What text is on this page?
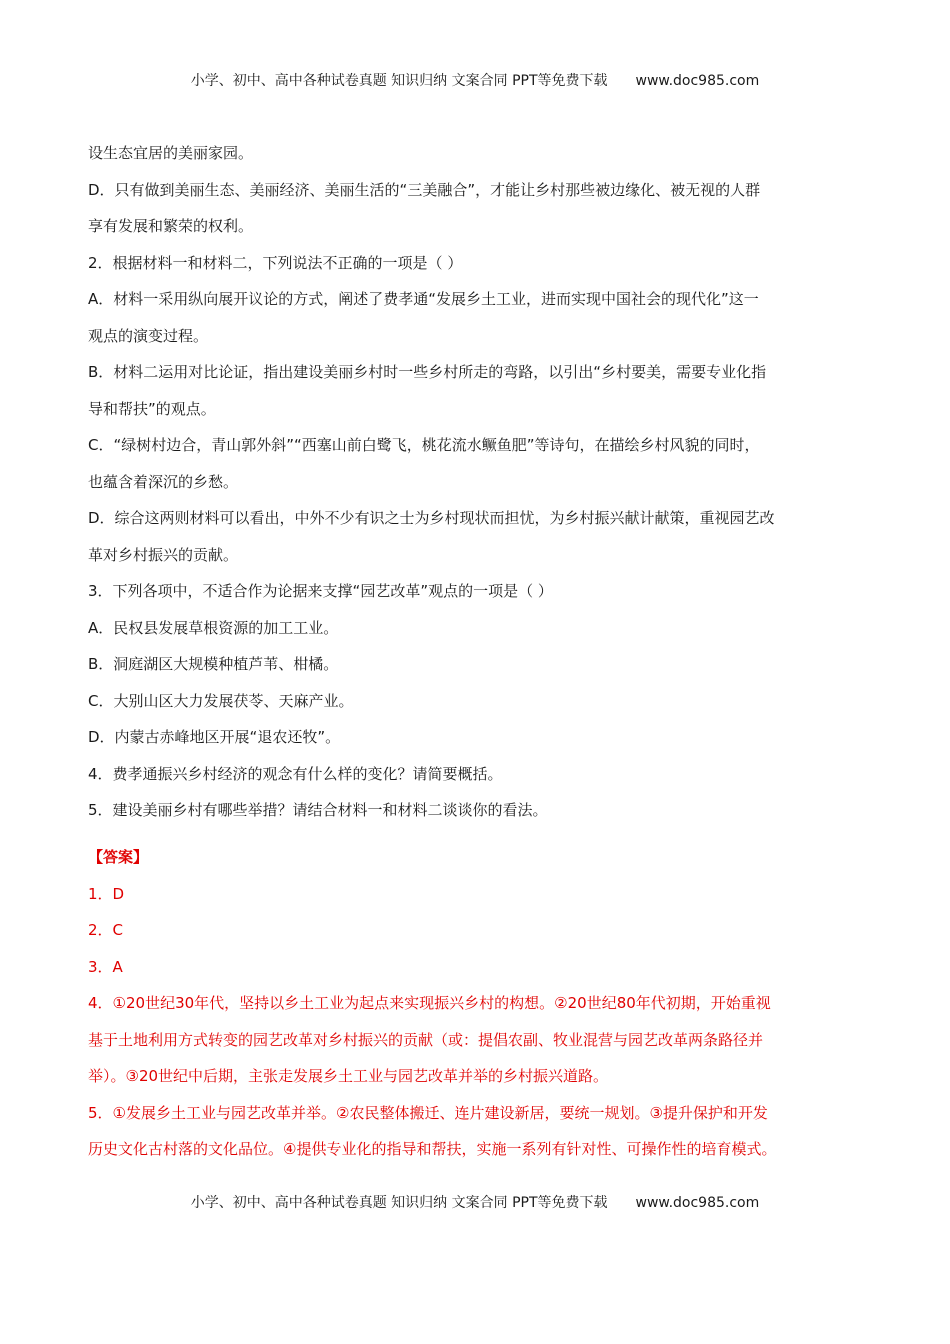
小学、初中、高中各种试卷真题 知识归纳 文案合同 PPT等免费下载 www.doc985.com
设生态宜居的美丽家园。
D．只有做到美丽生态、美丽经济、美丽生活的“三美融合”，才能让乡村那些被边缘化、被无视的人群
享有发展和繁荣的权利。
2．根据材料一和材料二，下列说法不正确的一项是（ ）
A．材料一采用纵向展开议论的方式，阐述了费孝通“发展乡土工业，进而实现中国社会的现代化”这一
观点的演变过程。
B．材料二运用对比论证，指出建设美丽乡村时一些乡村所走的弯路，以引出“乡村要美，需要专业化指
导和帮扶”的观点。
C．“绿树村边合，青山郭外斜”“西塞山前白鹭飞，桃花流水鳜鱼肥”等诗句，在描绘乡村风貌的同时，
也蕴含着深沉的乡愁。
D．综合这两则材料可以看出，中外不少有识之士为乡村现状而担忧，为乡村振兴献计献策，重视园艺改
革对乡村振兴的贡献。
3．下列各项中，不适合作为论据来支撑“园艺改革”观点的一项是（ ）
A．民权县发展草根资源的加工工业。
B．洞庭湖区大规模种植芦苇、柑橘。
C．大别山区大力发展茯苓、天麻产业。
D．内蒙古赤峰地区开展“退农还牧”。
4．费孝通振兴乡村经济的观念有什么样的变化？请简要概括。
5．建设美丽乡村有哪些举措？请结合材料一和材料二谈谈你的看法。
【答案】
1．D
2．C
3．A
4．①20世纪30年代，坚持以乡土工业为起点来实现振兴乡村的构想。②20世纪80年代初期，开始重视
基于土地利用方式转变的园艺改革对乡村振兴的贡献（或：提倡农副、牧业混营与园艺改革两条路径并
举）。③20世纪中后期，主张走发展乡土工业与园艺改革并举的乡村振兴道路。
5．①发展乡土工业与园艺改革并举。②农民整体搬迁、连片建设新居，要统一规划。③提升保护和开发
历史文化古村落的文化品位。④提供专业化的指导和帮扶，实施一系列有针对性、可操作性的培育模式。
小学、初中、高中各种试卷真题 知识归纳 文案合同 PPT等免费下载 www.doc985.com
